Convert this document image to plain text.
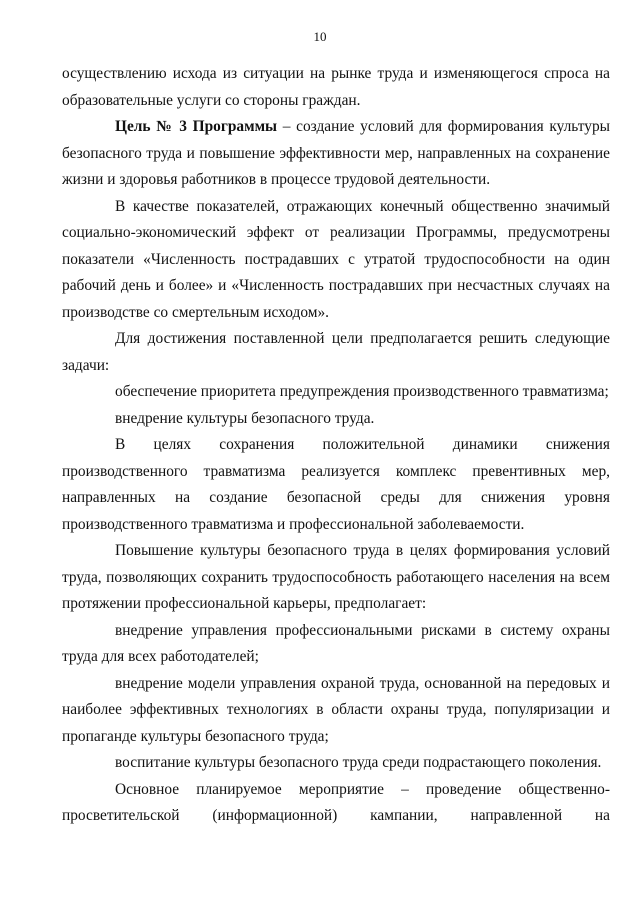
10

осуществлению исхода из ситуации на рынке труда и изменяющегося спроса на образовательные услуги со стороны граждан.

Цель № 3 Программы – создание условий для формирования культуры безопасного труда и повышение эффективности мер, направленных на сохранение жизни и здоровья работников в процессе трудовой деятельности.

В качестве показателей, отражающих конечный общественно значимый социально-экономический эффект от реализации Программы, предусмотрены показатели «Численность пострадавших с утратой трудоспособности на один рабочий день и более» и «Численность пострадавших при несчастных случаях на производстве со смертельным исходом».

Для достижения поставленной цели предполагается решить следующие задачи:

обеспечение приоритета предупреждения производственного травматизма;

внедрение культуры безопасного труда.

В целях сохранения положительной динамики снижения производственного травматизма реализуется комплекс превентивных мер, направленных на создание безопасной среды для снижения уровня производственного травматизма и профессиональной заболеваемости.

Повышение культуры безопасного труда в целях формирования условий труда, позволяющих сохранить трудоспособность работающего населения на всем протяжении профессиональной карьеры, предполагает:

внедрение управления профессиональными рисками в систему охраны труда для всех работодателей;

внедрение модели управления охраной труда, основанной на передовых и наиболее эффективных технологиях в области охраны труда, популяризации и пропаганде культуры безопасного труда;

воспитание культуры безопасного труда среди подрастающего поколения.

Основное планируемое мероприятие – проведение общественно-просветительской (информационной) кампании, направленной на
